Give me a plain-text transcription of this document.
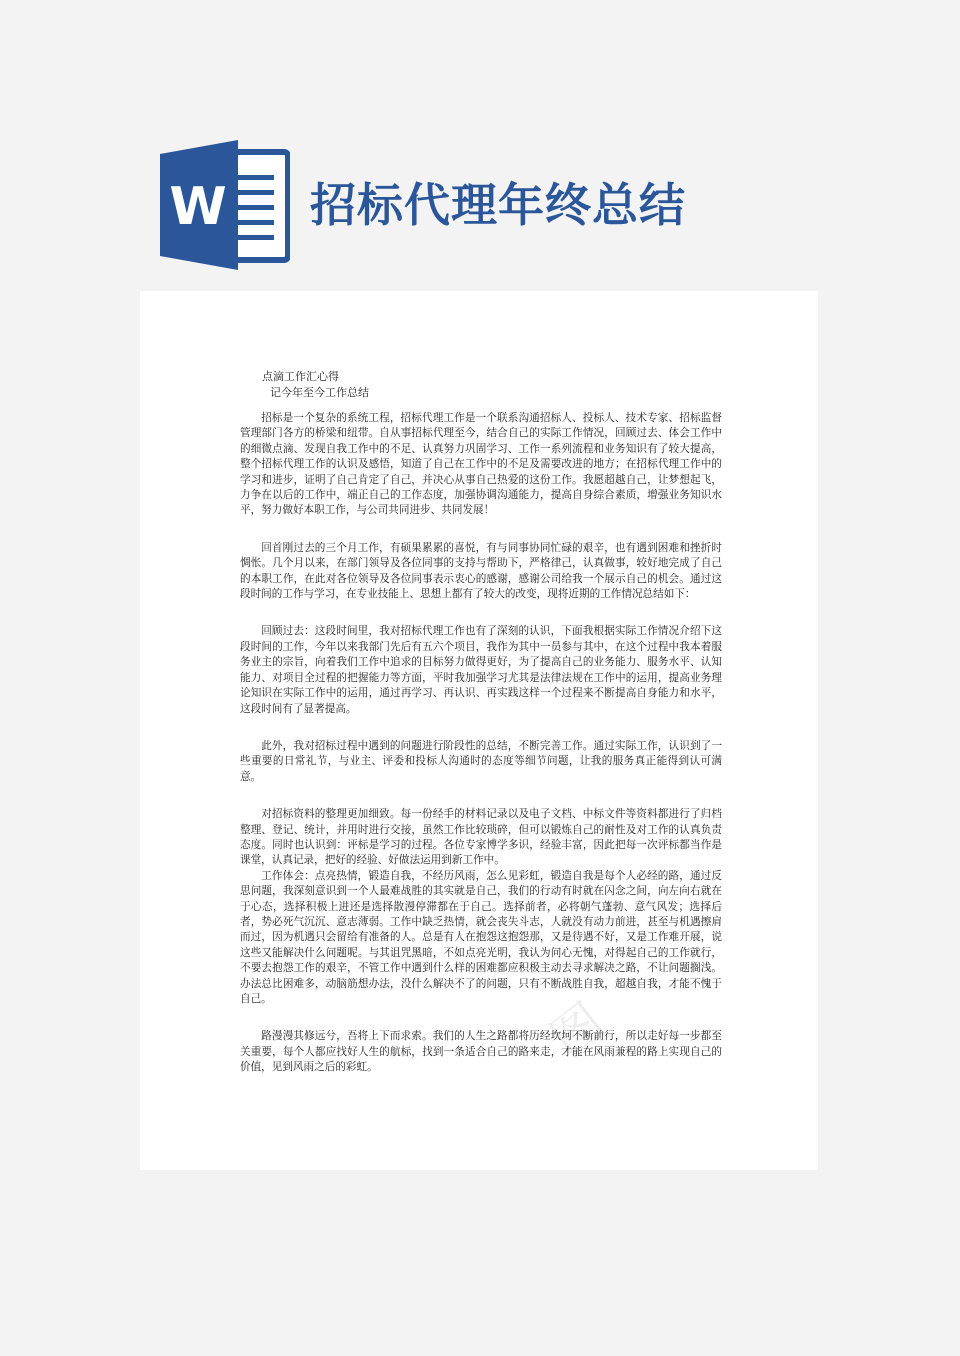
W 招标代理年终总结
点滴工作汇心得
记今年至今工作总结

招标是一个复杂的系统工程，招标代理工作是一个联系沟通招标人、投标人、技术专家、招标监督管理部门各方的桥梁和纽带。自从事招标代理至今，结合自己的实际工作情况，回顾过去、体会工作中的细微点滴、发现自我工作中的不足、认真努力巩固学习、工作一系列流程和业务知识有了较大提高，整个招标代理工作的认识及感悟，知道了自己在工作中的不足及需要改进的地方；在招标代理工作中的学习和进步，证明了自己肯定了自己，并决心从事自己热爱的这份工作。我愿超越自己，让梦想起飞，力争在以后的工作中，端正自己的工作态度，加强协调沟通能力，提高自身综合素质，增强业务知识水平，努力做好本职工作，与公司共同进步、共同发展！

回首刚过去的三个月工作，有硕果累累的喜悦，有与同事协同忙碌的艰辛，也有遇到困难和挫折时惆怅。几个月以来，在部门领导及各位同事的支持与帮助下，严格律己，认真做事，较好地完成了自己的本职工作，在此对各位领导及各位同事表示衷心的感谢，感谢公司给我一个展示自己的机会。通过这段时间的工作与学习，在专业技能上、思想上都有了较大的改变，现将近期的工作情况总结如下：

回顾过去：这段时间里，我对招标代理工作也有了深刻的认识，下面我根据实际工作情况介绍下这段时间的工作，今年以来我部门先后有五六个项目，我作为其中一员参与其中，在这个过程中我本着服务业主的宗旨，向着我们工作中追求的目标努力做得更好，为了提高自己的业务能力、服务水平、认知能力、对项目全过程的把握能力等方面，平时我加强学习尤其是法律法规在工作中的运用，提高业务理论知识在实际工作中的运用，通过再学习、再认识、再实践这样一个过程来不断提高自身能力和水平，这段时间有了显著提高。

此外，我对招标过程中遇到的问题进行阶段性的总结，不断完善工作。通过实际工作，认识到了一些重要的日常礼节，与业主、评委和投标人沟通时的态度等细节问题，让我的服务真正能得到认可满意。

对招标资料的整理更加细致。每一份经手的材料记录以及电子文档、中标文件等资料都进行了归档整理、登记、统计，并用时进行交接，虽然工作比较琐碎，但可以锻炼自己的耐性及对工作的认真负责态度。同时也认识到：评标是学习的过程。各位专家博学多识，经验丰富，因此把每一次评标都当作是课堂，认真记录，把好的经验、好做法运用到新工作中。

工作体会：点亮热情，锻造自我，不经历风雨，怎么见彩虹，锻造自我是每个人必经的路，通过反思问题，我深刻意识到一个人最难战胜的其实就是自己，我们的行动有时就在闪念之间，向左向右就在于心态，选择积极上进还是选择散漫停滞都在于自己。选择前者，必将朝气蓬勃、意气风发；选择后者，势必死气沉沉、意志薄弱。工作中缺乏热情，就会丧失斗志，人就没有动力前进，甚至与机遇擦肩而过，因为机遇只会留给有准备的人。总是有人在抱怨这抱怨那，又是待遇不好，又是工作难开展，说这些又能解决什么问题呢。与其诅咒黑暗，不如点亮光明，我认为问心无愧，对得起自己的工作就行，不要去抱怨工作的艰辛，不管工作中遇到什么样的困难都应积极主动去寻求解决之路，不让问题搁浅。办法总比困难多，动脑筋想办法，没什么解决不了的问题，只有不断战胜自我，超越自我，才能不愧于自己。

路漫漫其修远兮，吾将上下而求索。我们的人生之路都将历经坎坷不断前行，所以走好每一步都至关重要，每个人都应找好人生的航标，找到一条适合自己的路来走，才能在风雨兼程的路上实现自己的价值，见到风雨之后的彩虹。	图
